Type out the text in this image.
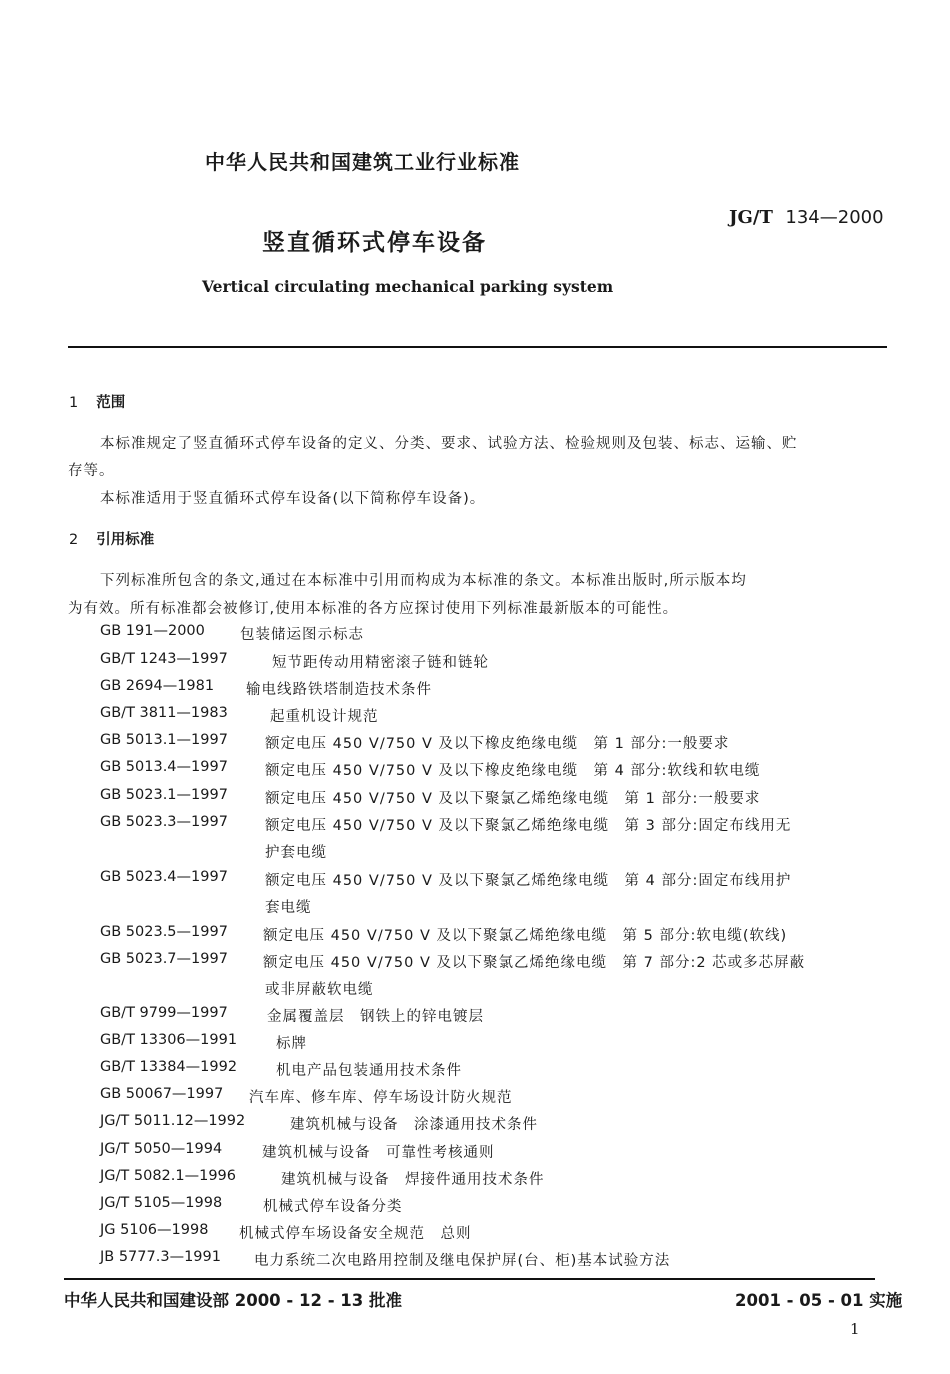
中华人民共和国建筑工业行业标准
JG/T 134—2000
竖直循环式停车设备
Vertical circulating mechanical parking system
1 范围
本标准规定了竖直循环式停车设备的定义、分类、要求、试验方法、检验规则及包装、标志、运输、贮
存等。
本标准适用于竖直循环式停车设备(以下简称停车设备)。
2 引用标准
下列标准所包含的条文,通过在本标准中引用而构成为本标准的条文。本标准出版时,所示版本均
为有效。所有标准都会被修订,使用本标准的各方应探讨使用下列标准最新版本的可能性。
GB 191—2000 包装储运图示标志
GB/T 1243—1997	短节距传动用精密滚子链和链轮
GB 2694—1981 输电线路铁塔制造技术条件
GB/T 3811—1983	起重机设计规范
GB 5013.1—1997	额定电压 450 V/750 V 及以下橡皮绝缘电缆　第 1 部分:一般要求
GB 5013.4—1997	额定电压 450 V/750 V 及以下橡皮绝缘电缆　第 4 部分:软线和软电缆
GB 5023.1—1997	额定电压 450 V/750 V 及以下聚氯乙烯绝缘电缆　第 1 部分:一般要求
GB 5023.3—1997	额定电压 450 V/750 V 及以下聚氯乙烯绝缘电缆　第 3 部分:固定布线用无
护套电缆
GB 5023.4—1997	额定电压 450 V/750 V 及以下聚氯乙烯绝缘电缆　第 4 部分:固定布线用护
套电缆
GB 5023.5—1997 额定电压 450 V/750 V 及以下聚氯乙烯绝缘电缆　第 5 部分:软电缆(软线)
GB 5023.7—1997 额定电压 450 V/750 V 及以下聚氯乙烯绝缘电缆　第 7 部分:2 芯或多芯屏蔽
或非屏蔽软电缆
GB/T 9799—1997	金属覆盖层　钢铁上的锌电镀层
GB/T 13306—1991	标牌
GB/T 13384—1992	机电产品包装通用技术条件
GB 50067—1997 汽车库、修车库、停车场设计防火规范
JG/T 5011.12—1992	建筑机械与设备　涂漆通用技术条件
JG/T 5050—1994	建筑机械与设备　可靠性考核通则
JG/T 5082.1—1996	建筑机械与设备　焊接件通用技术条件
JG/T 5105—1998	机械式停车设备分类
JG 5106—1998 机械式停车场设备安全规范　总则
JB 5777.3—1991 电力系统二次电路用控制及继电保护屏(台、柜)基本试验方法
中华人民共和国建设部 2000 - 12 - 13 批准	2001 - 05 - 01 实施
1
